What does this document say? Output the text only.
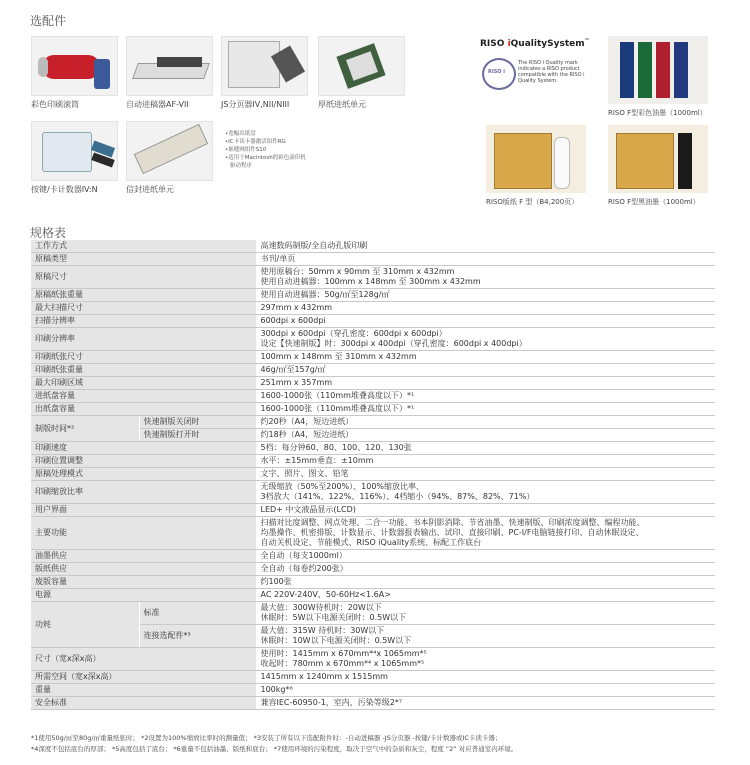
选配件
彩色印刷滚筒	自动进稿器AF-VII	JS分页器IV,NII/NIII	厚纸进纸单元
按键/卡计数器IV:N	信封进纸单元
•宽幅出纸盘
•IC卡读卡器激活组件RG
•嵌缝网组件S10
•适用于Macintosh的彩色滚印机
驱动程序
RISO iQualitySystem™
RISO i
The RISO i Quality mark indicates a RISO product compatible with the RISO i Quality System.
RISO F型彩色油墨（1000ml）
RISO版纸 F 型（B4,200页）	RISO F型黑油墨（1000ml）
规格表
工作方式		高速数码制版/全自动孔版印刷
原稿类型		书刊/单页
原稿尺寸		使用原稿台：50mm x 90mm 至 310mm x 432mm
使用自动进稿器：100mm x 148mm 至 300mm x 432mm

原稿纸张重量		使用自动进稿器：50g/㎡至128g/㎡
最大扫描尺寸		297mm x 432mm
扫描分辨率		600dpi x 600dpi
印刷分辨率		300dpi x 600dpi（穿孔密度：600dpi x 600dpi）
设定【快速制版】时：300dpi x 400dpi（穿孔密度：600dpi x 400dpi）

印刷纸张尺寸		100mm x 148mm 至 310mm x 432mm
印刷纸张重量		46g/㎡至157g/㎡
最大印刷区域		251mm x 357mm
进纸盘容量		1600-1000张（110mm堆叠高度以下）*¹
出纸盘容量		1600-1000张（110mm堆叠高度以下）*¹
制版时间*²	快速制版关闭时	约20秒（A4，短边进纸）
	快速制版打开时	约18秒（A4，短边进纸）
印刷速度		5档：每分钟60、80、100、120、130张
印刷位置调整		水平：±15mm垂直：±10mm
原稿处理模式		文字、照片、图文、铅笔
印刷缩放比率		无级缩放（50%至200%）、100%缩放比率、
3档放大（141%、122%、116%）、4档缩小（94%、87%、82%、71%）

用户界面		LED+ 中文液晶显示(LCD)
主要功能		扫描对比度调整、网点处理、二合一功能、书本阴影消除、节省油墨、快速制版、印刷浓度调整、编程功能、
均墨操作、机密排版、计数显示、计数器报表输出、试印、直接印刷、PC-I/F电脑链接打印、自动休眠设定、
自动关机设定、节能模式、RISO iQuality系统、标配工作底台

油墨供应		全自动（每支1000ml）
版纸供应		全自动（每卷约200张）
废版容量		约100张
电源		AC 220V-240V，50-60Hz<1.6A>
功耗	标准	最大值：300W待机时：20W以下
休眠时：5W以下电源关闭时：0.5W以下

	连接选配件*³	最大值：315W 待机时：30W以下
休眠时：10W以下电源关闭时：0.5W以下

尺寸（宽x深x高）		使用时：1415mm x 670mm*⁴x 1065mm*⁵
收起时：780mm x 670mm*⁴ x 1065mm*⁵

所需空间（宽x深x高）		1415mm x 1240mm x 1515mm
重量		100kg*⁶
安全标准		兼容IEC-60950-1，室内，污染等级2*⁷
*1使用50g/㎡至80g/㎡重量纸张时； *2设置为100%缩放比率时的测量值； *3安装了所有以下选配附件时：-自动进稿器 -JS分页器 -按键/卡计数器或IC卡读卡器；
*4深度不包括底台的厚部； *5高度包括了底台； *6重量不包括油墨、版纸和底台； *7使用环境的污染程度，取决于空气中的杂质和灰尘，程度 “2” 对应普通室内环境。
